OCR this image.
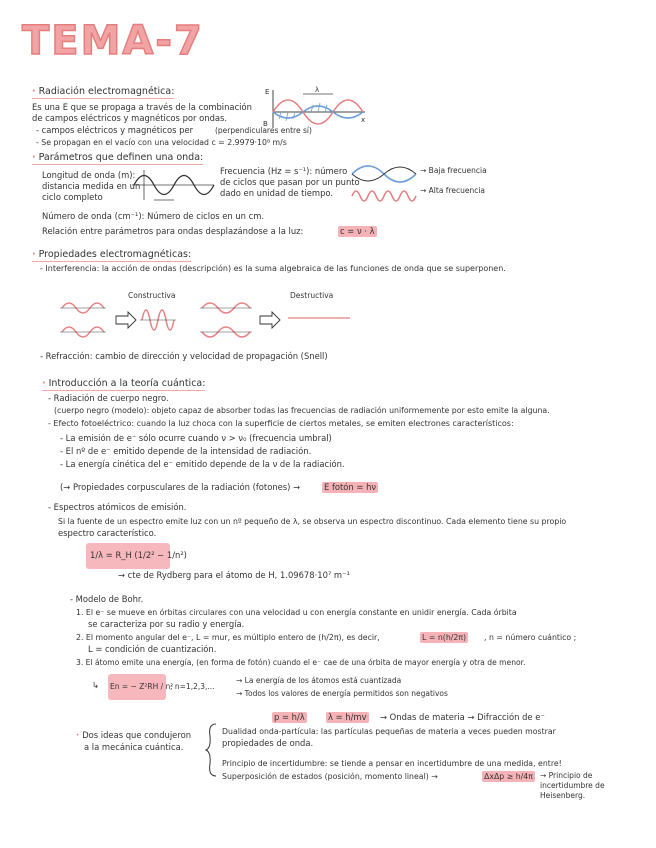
TEMA-7
· Radiación electromagnética:
Es una E que se propaga a través de la combinación
de campos eléctricos y magnéticos por ondas.
- campos eléctricos y magnéticos per	(perpendiculares entre sí)
- Se propagan en el vacío con una velocidad c = 2.9979·10⁸ m/s
E
B	x
λ
· Parámetros que definen una onda:
Longitud de onda (m):
distancia medida en un
ciclo completo
Frecuencia (Hz = s⁻¹): número
de ciclos que pasan por un punto
dado en unidad de tiempo.
→ Baja frecuencia
→ Alta frecuencia
Número de onda (cm⁻¹): Número de ciclos en un cm.
Relación entre parámetros para ondas desplazándose a la luz:	c = ν · λ
· Propiedades electromagnéticas:
- Interferencia: la acción de ondas (descripción) es la suma algebraica de las funciones de onda que se superponen.
Constructiva	Destructiva
- Refracción: cambio de dirección y velocidad de propagación (Snell)
· Introducción a la teoría cuántica:
- Radiación de cuerpo negro.
(cuerpo negro (modelo): objeto capaz de absorber todas las frecuencias de radiación uniformemente por esto emite la alguna.
- Efecto fotoeléctrico: cuando la luz choca con la superficie de ciertos metales, se emiten electrones característicos:
- La emisión de e⁻ sólo ocurre cuando ν > ν₀ (frecuencia umbral)
- El nº de e⁻ emitido depende de la intensidad de radiación.
- La energía cinética del e⁻ emitido depende de la ν de la radiación.
(→ Propiedades corpusculares de la radiación (fotones) →	E fotón = hν
- Espectros atómicos de emisión.
Si la fuente de un espectro emite luz con un nº pequeño de λ, se observa un espectro discontinuo. Cada elemento tiene su propio
espectro característico.
1/λ = R_H (1/2² − 1/n²)
→ cte de Rydberg para el átomo de H, 1.09678·10⁷ m⁻¹
- Modelo de Bohr.
1. El e⁻ se mueve en órbitas circulares con una velocidad u con energía constante en unidir energía. Cada órbita
se caracteriza por su radio y energía.
2. El momento angular del e⁻, L = mur, es múltiplo entero de (h/2π), es decir,	L = n(h/2π) , n = número cuántico ;
L = condición de cuantización.
3. El átomo emite una energía, (en forma de fotón) cuando el e⁻ cae de una órbita de mayor energía y otra de menor.
↳ En = − Z²RH / n²
; n=1,2,3,...
→ La energía de los átomos está cuantizada
→ Todos los valores de energía permitidos son negativos
p = h/λ	λ = h/mv → Ondas de materia → Difracción de e⁻
· Dos ideas que condujeron
a la mecánica cuántica.
Dualidad onda-partícula: las partículas pequeñas de materia a veces pueden mostrar
propiedades de onda.
Principio de incertidumbre: se tiende a pensar en incertidumbre de una medida, entre!
Superposición de estados (posición, momento lineal) →	ΔxΔp ≥ h/4π → Principio de incertidumbre de Heisenberg.
